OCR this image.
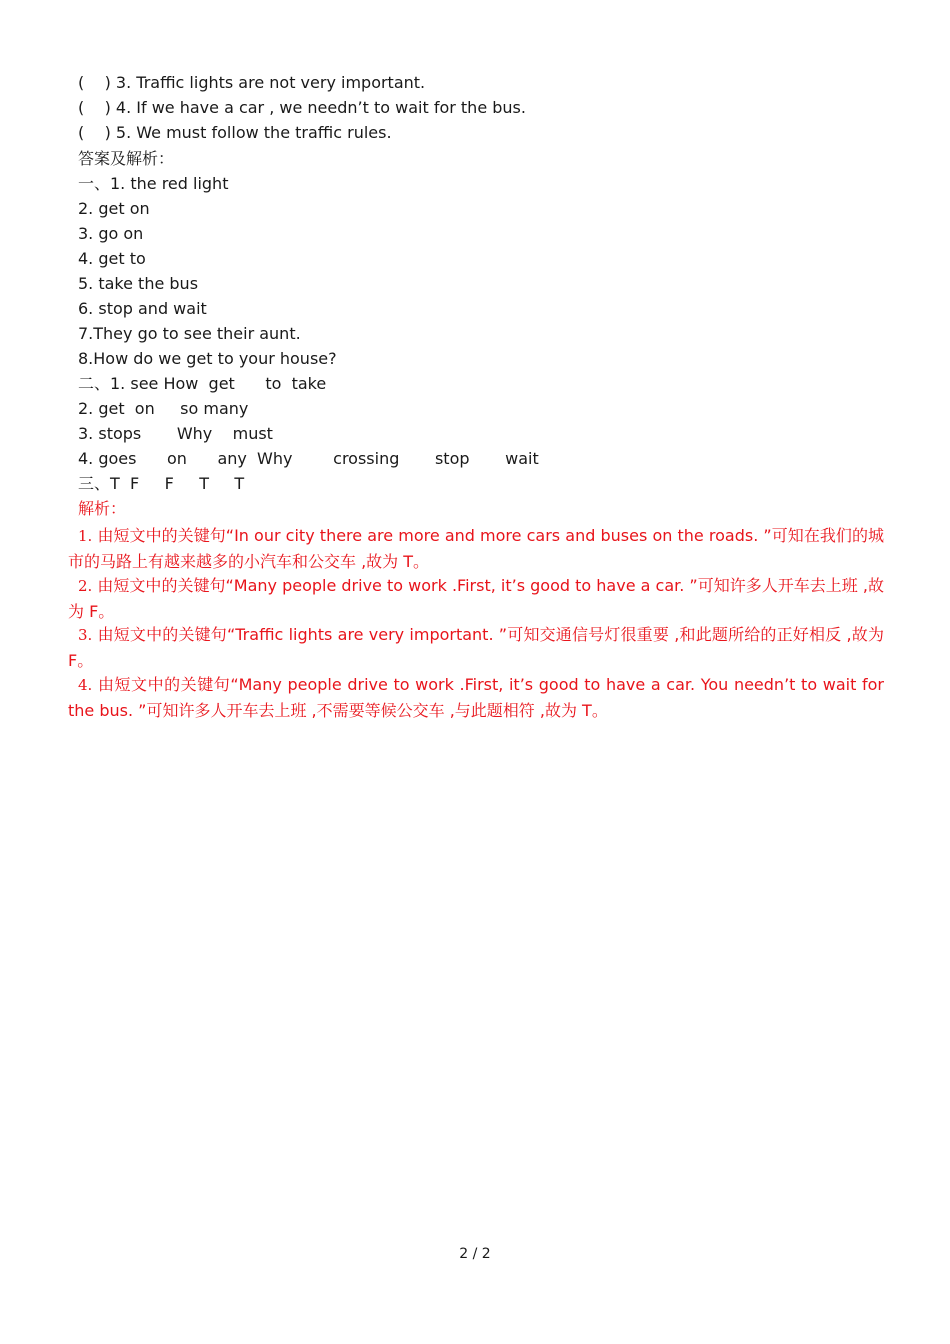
(    ) 3. Traffic lights are not very important.
(    ) 4. If we have a car , we needn’t to wait for the bus.
(    ) 5. We must follow the traffic rules.
答案及解析：
一、1. the red light
2. get on
3. go on
4. get to
5. take the bus
6. stop and wait
7.They go to see their aunt.
8.How do we get to your house?
二、1. see How  get      to  take
2. get  on     so many
3. stops       Why    must
4. goes      on      any  Why        crossing       stop       wait
三、T  F     F     T     T
解析：
1. 由短文中的关键句“In our city there are more and more cars and buses on the roads. ”可知在我们的城市的马路上有越来越多的小汽车和公交车 ,故为 T。
2. 由短文中的关键句“Many people drive to work .First, it’s good to have a car. ”可知许多人开车去上班 ,故为 F。
3. 由短文中的关键句“Traffic lights are very important. ”可知交通信号灯很重要 ,和此题所给的正好相反 ,故为 F。
4. 由短文中的关键句“Many people drive to work .First, it’s good to have a car. You needn’t to wait for the bus. ”可知许多人开车去上班 ,不需要等候公交车 ,与此题相符 ,故为 T。
2 / 2
